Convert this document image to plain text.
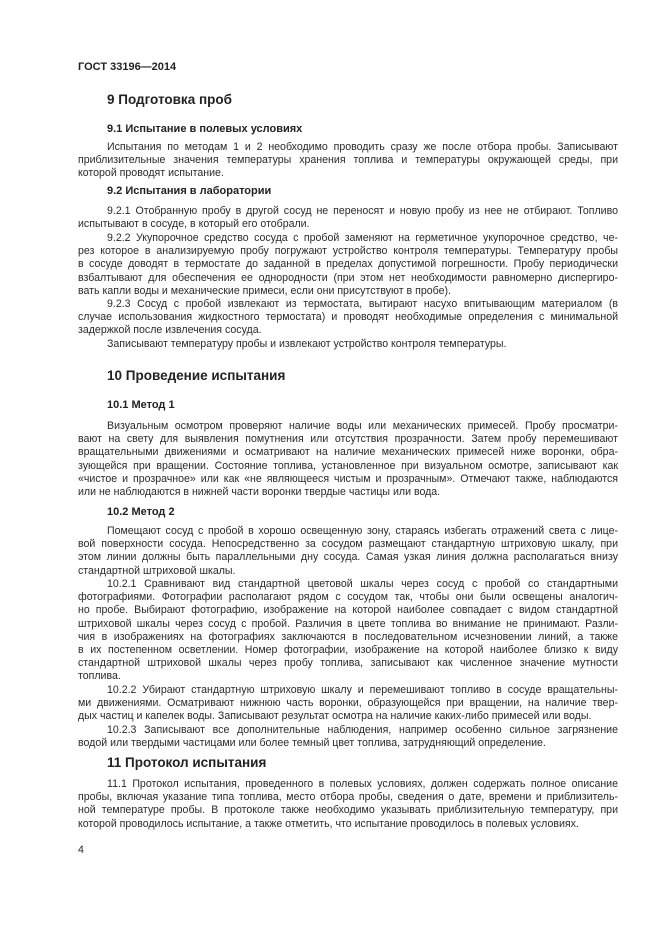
ГОСТ 33196—2014
9 Подготовка проб
9.1 Испытание в полевых условиях
Испытания по методам 1 и 2 необходимо проводить сразу же после отбора пробы. Записывают
приблизительные значения температуры хранения топлива и температуры окружающей среды, при
которой проводят испытание.
9.2 Испытания в лаборатории
9.2.1 Отобранную пробу в другой сосуд не переносят и новую пробу из нее не отбирают. Топливо
испытывают в сосуде, в который его отобрали.
9.2.2 Укупорочное средство сосуда с пробой заменяют на герметичное укупорочное средство, че-
рез которое в анализируемую пробу погружают устройство контроля температуры. Температуру пробы
в сосуде доводят в термостате до заданной в пределах допустимой погрешности. Пробу периодически
взбалтывают для обеспечения ее однородности (при этом нет необходимости равномерно диспергиро-
вать капли воды и механические примеси, если они присутствуют в пробе).
9.2.3 Сосуд с пробой извлекают из термостата, вытирают насухо впитывающим материалом (в
случае использования жидкостного термостата) и проводят необходимые определения с минимальной
задержкой после извлечения сосуда.
Записывают температуру пробы и извлекают устройство контроля температуры.
10 Проведение испытания
10.1 Метод 1
Визуальным осмотром проверяют наличие воды или механических примесей. Пробу просматри-
вают на свету для выявления помутнения или отсутствия прозрачности. Затем пробу перемешивают
вращательными движениями и осматривают на наличие механических примесей ниже воронки, обра-
зующейся при вращении. Состояние топлива, установленное при визуальном осмотре, записывают как
«чистое и прозрачное» или как «не являющееся чистым и прозрачным». Отмечают также, наблюдаются
или не наблюдаются в нижней части воронки твердые частицы или вода.
10.2 Метод 2
Помещают сосуд с пробой в хорошо освещенную зону, стараясь избегать отражений света с лице-
вой поверхности сосуда. Непосредственно за сосудом размещают стандартную штриховую шкалу, при
этом линии должны быть параллельными дну сосуда. Самая узкая линия должна располагаться внизу
стандартной штриховой шкалы.
10.2.1 Сравнивают вид стандартной цветовой шкалы через сосуд с пробой со стандартными
фотографиями. Фотографии располагают рядом с сосудом так, чтобы они были освещены аналогич-
но пробе. Выбирают фотографию, изображение на которой наиболее совпадает с видом стандартной
штриховой шкалы через сосуд с пробой. Различия в цвете топлива во внимание не принимают. Разли-
чия в изображениях на фотографиях заключаются в последовательном исчезновении линий, а также
в их постепенном осветлении. Номер фотографии, изображение на которой наиболее близко к виду
стандартной штриховой шкалы через пробу топлива, записывают как численное значение мутности
топлива.
10.2.2 Убирают стандартную штриховую шкалу и перемешивают топливо в сосуде вращательны-
ми движениями. Осматривают нижнюю часть воронки, образующейся при вращении, на наличие твер-
дых частиц и капелек воды. Записывают результат осмотра на наличие каких-либо примесей или воды.
10.2.3 Записывают все дополнительные наблюдения, например особенно сильное загрязнение
водой или твердыми частицами или более темный цвет топлива, затрудняющий определение.
11 Протокол испытания
11.1 Протокол испытания, проведенного в полевых условиях, должен содержать полное описание
пробы, включая указание типа топлива, место отбора пробы, сведения о дате, времени и приблизитель-
ной температуре пробы. В протоколе также необходимо указывать приблизительную температуру, при
которой проводилось испытание, а также отметить, что испытание проводилось в полевых условиях.
4
